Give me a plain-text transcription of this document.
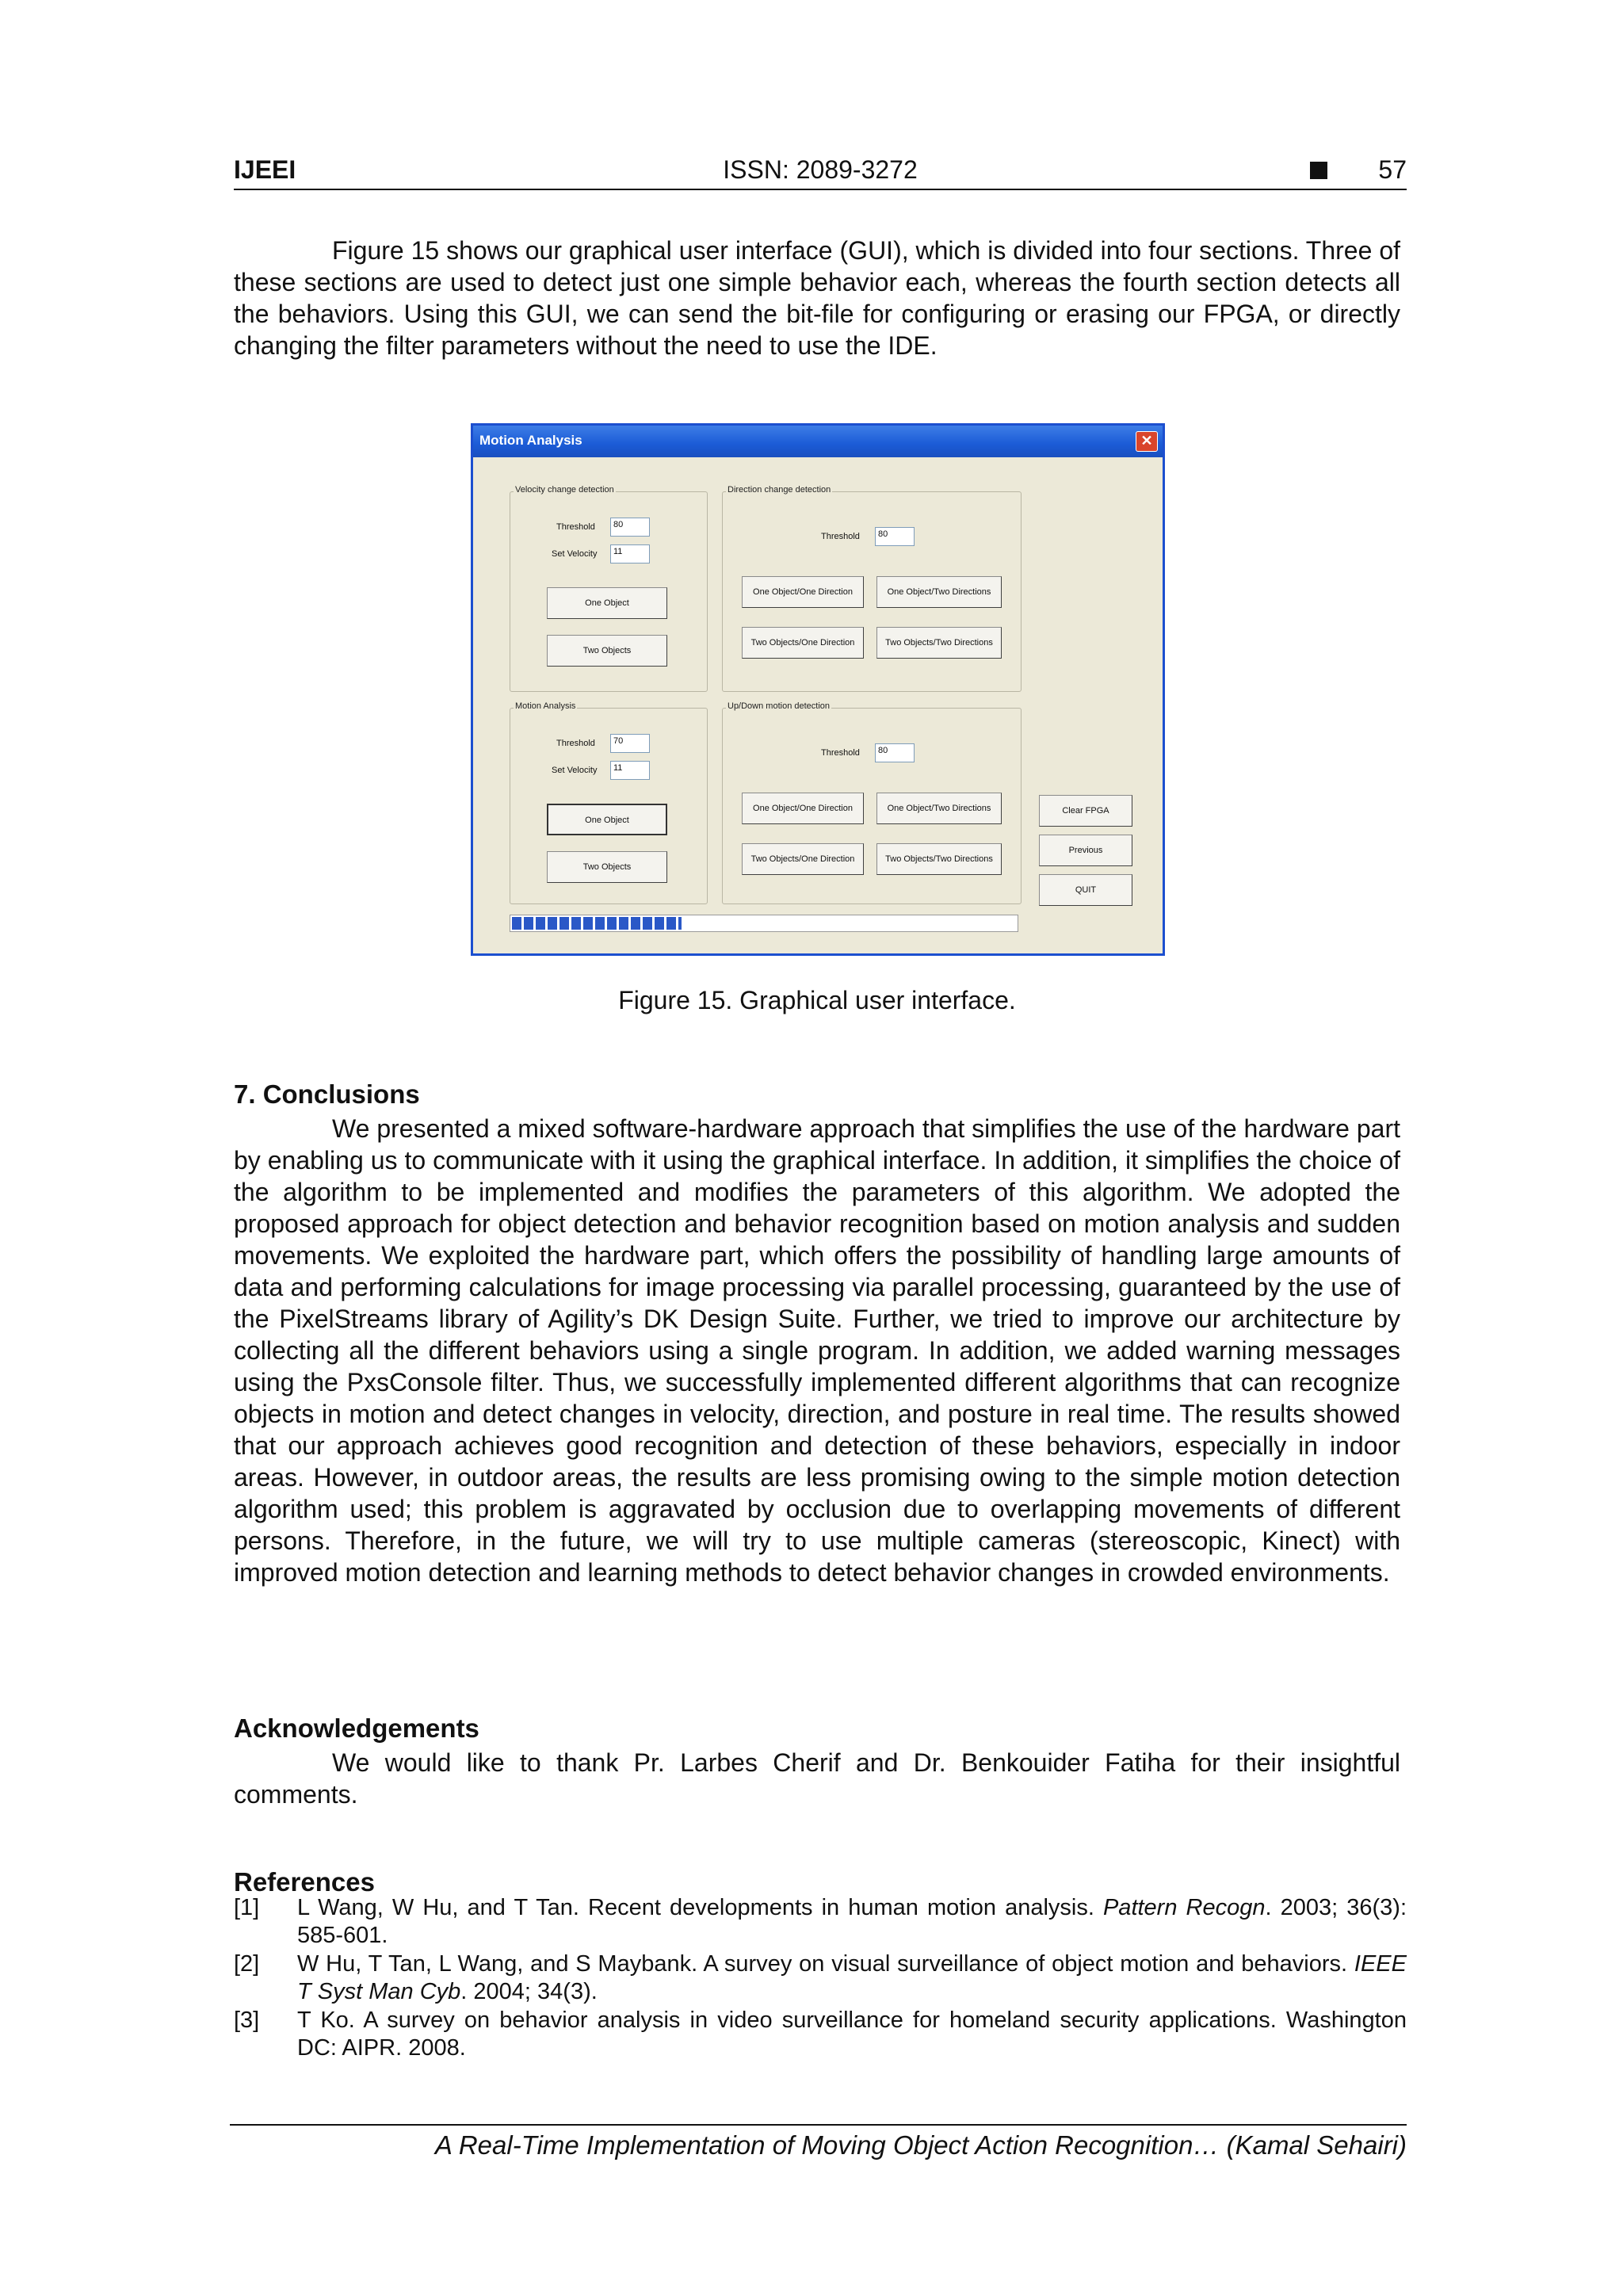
IJEEI	ISSN: 2089-3272	57

Figure 15 shows our graphical user interface (GUI), which is divided into four sections. Three of these sections are used to detect just one simple behavior each, whereas the fourth section detects all the behaviors. Using this GUI, we can send the bit-file for configuring or erasing our FPGA, or directly changing the filter parameters without the need to use the IDE.

Motion Analysis	✕
Velocity change detection
Threshold	80
Set Velocity	11
One Object
Two Objects
Direction change detection
Threshold	80
One Object/One Direction	One Object/Two Directions
Two Objects/One Direction	Two Objects/Two Directions
Motion Analysis
Threshold	70
Set Velocity	11
One Object
Two Objects
Up/Down motion detection
Threshold	80
One Object/One Direction	One Object/Two Directions
Two Objects/One Direction	Two Objects/Two Directions
Clear FPGA
Previous
QUIT
Figure 15. Graphical user interface.
7. Conclusions

We presented a mixed software-hardware approach that simplifies the use of the hardware part by enabling us to communicate with it using the graphical interface. In addition, it simplifies the choice of the algorithm to be implemented and modifies the parameters of this algorithm. We adopted the proposed approach for object detection and behavior recognition based on motion analysis and sudden movements. We exploited the hardware part, which offers the possibility of handling large amounts of data and performing calculations for image processing via parallel processing, guaranteed by the use of the PixelStreams library of Agility’s DK Design Suite. Further, we tried to improve our architecture by collecting all the different behaviors using a single program. In addition, we added warning messages using the PxsConsole filter. Thus, we successfully implemented different algorithms that can recognize objects in motion and detect changes in velocity, direction, and posture in real time. The results showed that our approach achieves good recognition and detection of these behaviors, especially in indoor areas. However, in outdoor areas, the results are less promising owing to the simple motion detection algorithm used; this problem is aggravated by occlusion due to overlapping movements of different persons. Therefore, in the future, we will try to use multiple cameras (stereoscopic, Kinect) with improved motion detection and learning methods to detect behavior changes in crowded environments.

Acknowledgements

We would like to thank Pr. Larbes Cherif and Dr. Benkouider Fatiha for their insightful comments.

References
[1] L Wang, W Hu, and T Tan. Recent developments in human motion analysis. Pattern Recogn. 2003; 36(3): 585-601.
[2] W Hu, T Tan, L Wang, and S Maybank. A survey on visual surveillance of object motion and behaviors. IEEE T Syst Man Cyb. 2004; 34(3).
[3] T Ko. A survey on behavior analysis in video surveillance for homeland security applications. Washington DC: AIPR. 2008.
A Real-Time Implementation of Moving Object Action Recognition… (Kamal Sehairi)
